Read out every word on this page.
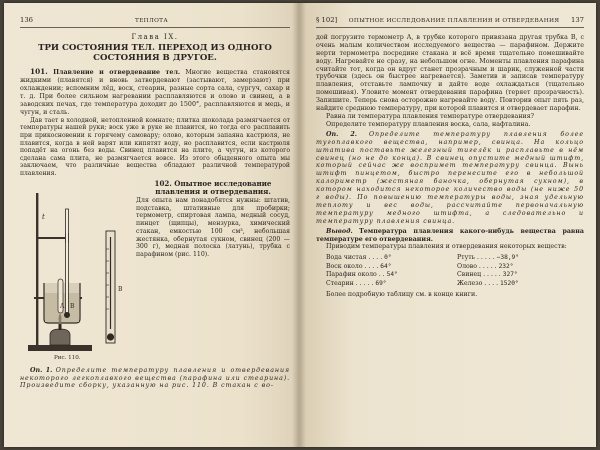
136	ТЕПЛОТА
Глава IX.
ТРИ СОСТОЯНИЯ ТЕЛ. ПЕРЕХОД ИЗ ОДНОГО СОСТОЯНИЯ В ДРУГОЕ.

101. Плавление и отвердевание тел. Многие вещества становятся жидкими (плавятся) и вновь затвердевают (застывают, замерзают) при охлаждении; вспомним лёд, воск, стеарин, разные сорта сала, сургуч, сахар и т. д. При более сильном нагревании расплавляются и олово и свинец, а в заводских печах, где температура доходит до 1500°, расплавляются и медь, и чугун, и сталь.

Дав тает в холодной, нетопленной комнате; плитка шоколада размягчается от температуры нашей руки; воск уже в руке не плавится, но тогда его расплавить при прикосновении к горячему самовару; олово, которым запаяна кастрюля, не плавится, когда в ней варят или кипятят воду, но расплавится, если кастрюля попадёт на огонь без воды. Свинец плавится на плите, а чугун, из которого сделана сама плита, не размягчается вовсе. Из этого обыденного опыта мы заключаем, что различные вещества обладают различной температурой плавления.

A B
t
B
Рис. 110.
102. Опытное исследование плавления и отвердевания.

Для опыта нам понадобятся нужны: штатив, подставка, штативные для пробирки; термометр, спиртовая лампа, медный сосуд, пинцет (щипцы), мензурка, химический стакан, емкостью 100 см³, небольшая жестянка, обернутая сукном, свинец (200 — 300 г), медная полоска (латунь), трубка с парафином (рис. 110).

Оп. 1. Определите температуру плавления и отвердевания некоторого легкоплавкого вещества (парафина или стеарина). Произведите сборку, указанную на рис. 110. В стакан с во-

§ 102] ОПЫТНОЕ ИССЛЕДОВАНИЕ ПЛАВЛЕНИЯ И ОТВЕРДЕВАНИЯ 137

дой погрузите термометр A, в трубке которого привязана другая трубка B, с очень малым количеством исследуемого вещества — парафином. Держите нерти термометра посредине стакана и всё время тщательно помешивайте воду. Нагревайте не сразу, на небольшом огне. Моменты плавления парафина считайте тот, когда он вдруг станет прозрачным и шарик, служенной части трубочки (здесь он быстрее нагревается). Заметив и записав температуру плавления, отставьте лампочку и дайте воде охлаждаться (тщательно помешивая). Уловите момент отвердевания парафина (теряет прозрачность). Запишите. Теперь снова осторожно нагревайте воду. Повторив опыт пять раз, найдите среднюю температуру, при которой плавится и отвердевает парафин.

Равна ли температура плавления температуре отвердевания?

Определите температуру плавления воска, сала, нафталина.

Оп. 2. Определите температуру плавления более тугоплавкого вещества, например, свинца. На кольцо штатива поставьте железный тигелёк и расплавьте в нём свинец (но не до конца). В свинец опустите медный штифт, который сейчас же воспримет температуру свинца. Вынь штифт пинцетом, быстро перенесите его в небольшой калориметр (жестяная баночка, обернутая сукном), в котором находится некоторое количество воды (не ниже 50 г воды). По повышению температуры воды, зная удельную теплоту и вес воды, рассчитайте первоначальную температуру медного штифта, а следовательно и температуру плавления свинца.

Вывод. Температура плавления какого-нибудь вещества равна температуре его отвердевания.

Приводим температуры плавления и отвердевания некоторых веществ:

Вода чистая . . . . 0°	Ртуть . . . . . −38,9°
Воск около . . . . 64°	Олово . . . . . 232°
Парафин около . . 54°	Свинец . . . . . 327°
Стеарин . . . . . 69°	Железо . . . . 1520°

Более подробную таблицу см. в конце книги.
